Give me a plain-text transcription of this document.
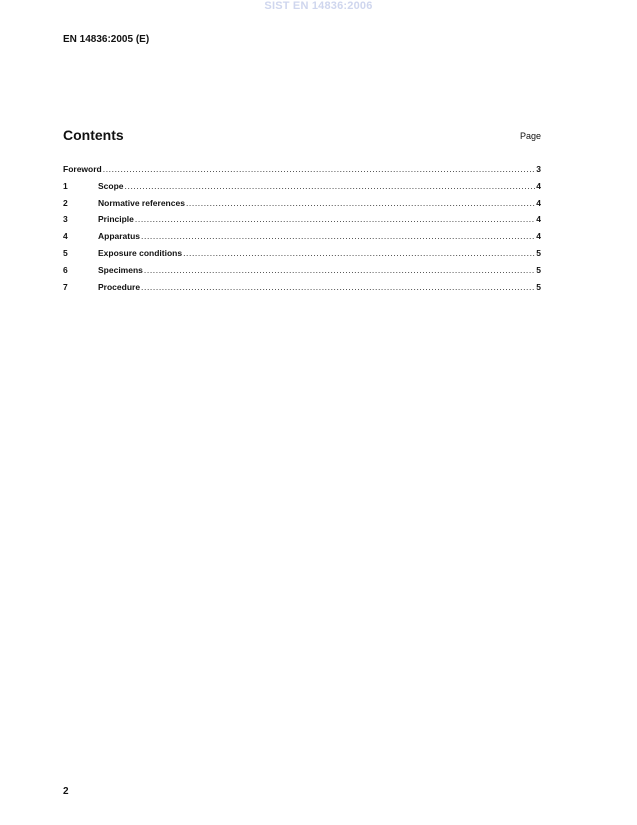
SIST EN 14836:2006
EN 14836:2005 (E)
Contents	Page
Foreword .....	3
1	Scope .....	4
2	Normative references .....	4
3	Principle .....	4
4	Apparatus .....	4
5	Exposure conditions .....	5
6	Specimens .....	5
7	Procedure .....	5
2
